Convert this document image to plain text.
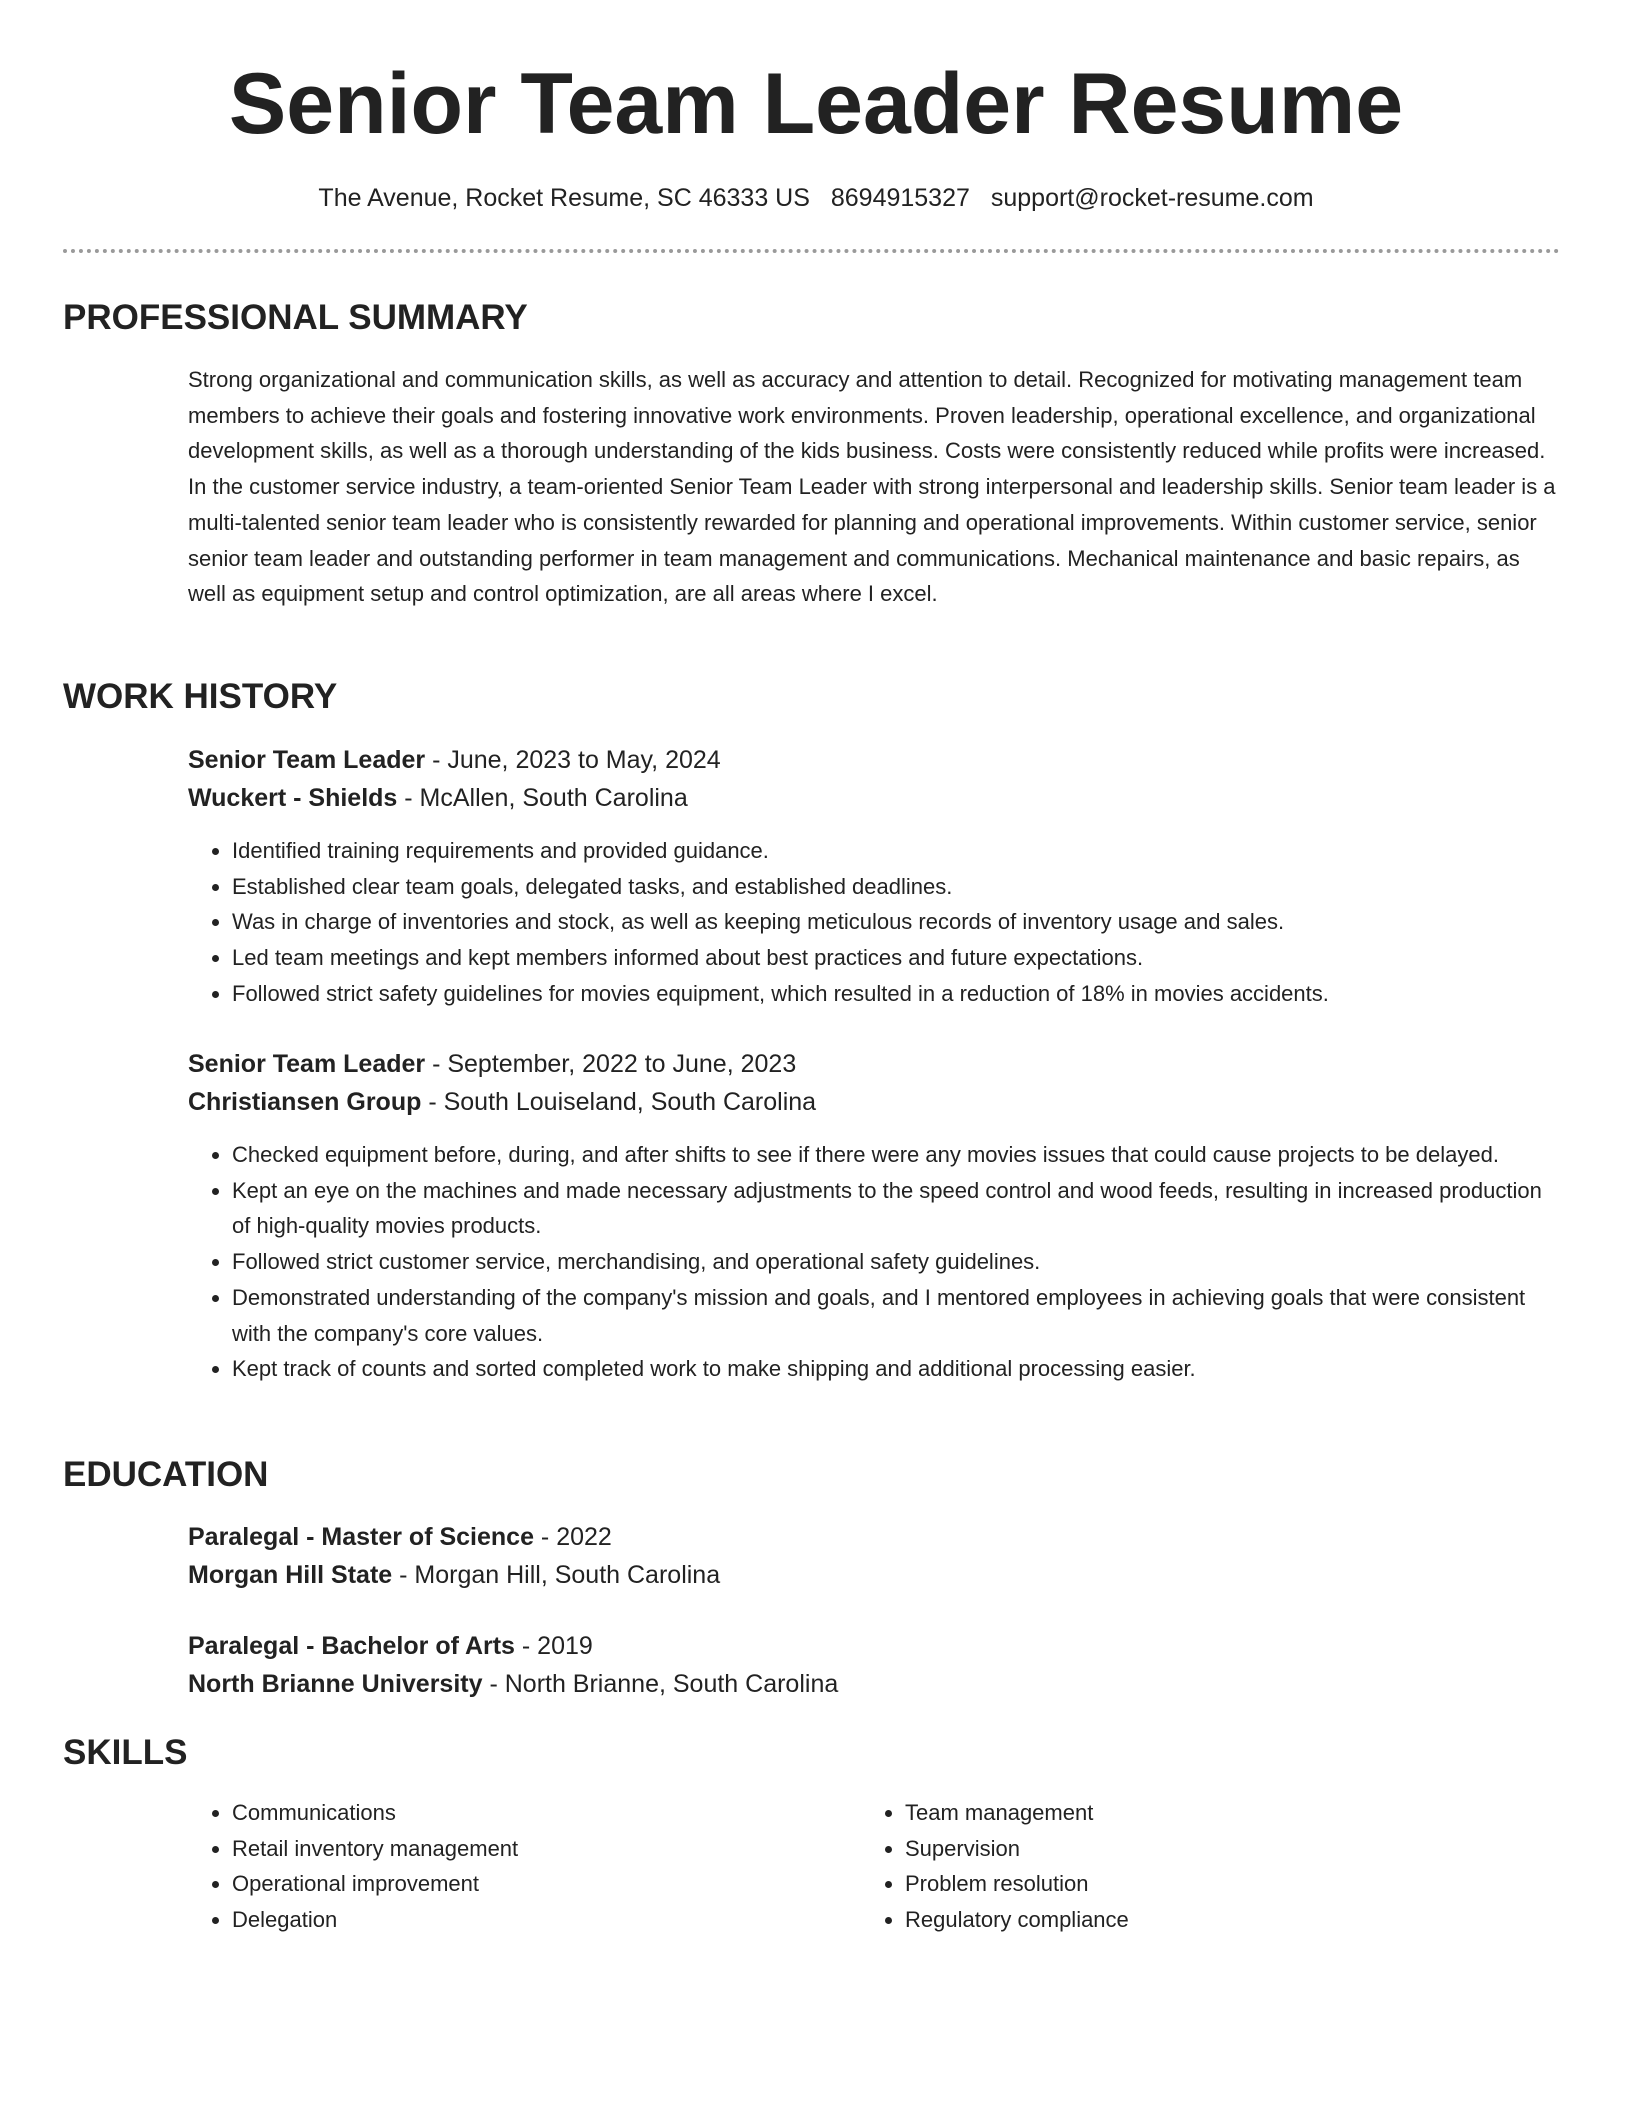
Senior Team Leader Resume
The Avenue, Rocket Resume, SC 46333 US 8694915327 support@rocket-resume.com
PROFESSIONAL SUMMARY
Strong organizational and communication skills, as well as accuracy and attention to detail. Recognized for motivating management team members to achieve their goals and fostering innovative work environments. Proven leadership, operational excellence, and organizational development skills, as well as a thorough understanding of the kids business. Costs were consistently reduced while profits were increased. In the customer service industry, a team-oriented Senior Team Leader with strong interpersonal and leadership skills. Senior team leader is a multi-talented senior team leader who is consistently rewarded for planning and operational improvements. Within customer service, senior senior team leader and outstanding performer in team management and communications. Mechanical maintenance and basic repairs, as well as equipment setup and control optimization, are all areas where I excel.
WORK HISTORY
Senior Team Leader - June, 2023 to May, 2024
Wuckert - Shields - McAllen, South Carolina
• Identified training requirements and provided guidance.
• Established clear team goals, delegated tasks, and established deadlines.
• Was in charge of inventories and stock, as well as keeping meticulous records of inventory usage and sales.
• Led team meetings and kept members informed about best practices and future expectations.
• Followed strict safety guidelines for movies equipment, which resulted in a reduction of 18% in movies accidents.
Senior Team Leader - September, 2022 to June, 2023
Christiansen Group - South Louiseland, South Carolina
• Checked equipment before, during, and after shifts to see if there were any movies issues that could cause projects to be delayed.
• Kept an eye on the machines and made necessary adjustments to the speed control and wood feeds, resulting in increased production of high-quality movies products.
• Followed strict customer service, merchandising, and operational safety guidelines.
• Demonstrated understanding of the company's mission and goals, and I mentored employees in achieving goals that were consistent with the company's core values.
• Kept track of counts and sorted completed work to make shipping and additional processing easier.
EDUCATION
Paralegal - Master of Science - 2022
Morgan Hill State - Morgan Hill, South Carolina
Paralegal - Bachelor of Arts - 2019
North Brianne University - North Brianne, South Carolina
SKILLS
• Communications
• Retail inventory management
• Operational improvement
• Delegation
• Team management
• Supervision
• Problem resolution
• Regulatory compliance
